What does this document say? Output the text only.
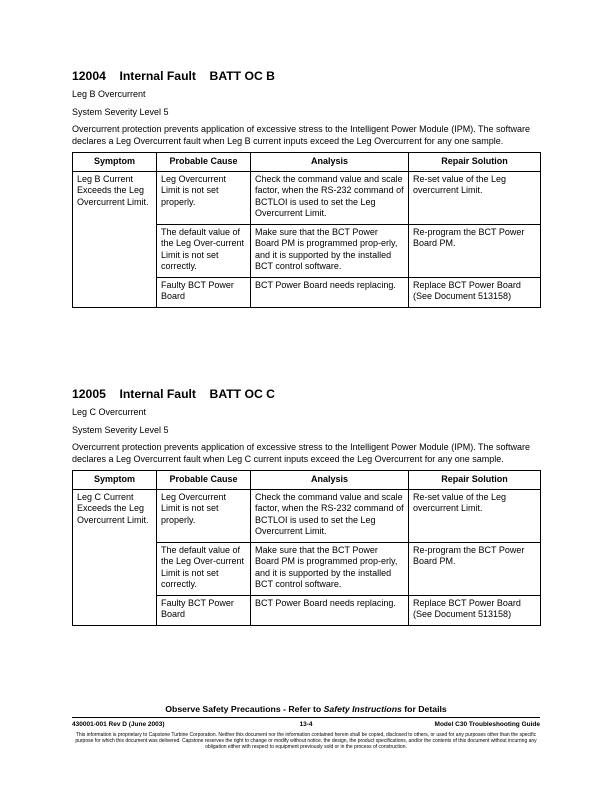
12004 Internal Fault BATT OC B

Leg B Overcurrent

System Severity Level 5

Overcurrent protection prevents application of excessive stress to the Intelligent Power Module (IPM). The software declares a Leg Overcurrent fault when Leg B current inputs exceed the Leg Overcurrent for any one sample.

Symptom	Probable Cause	Analysis	Repair Solution
Leg B Current Exceeds the Leg Overcurrent Limit.	Leg Overcurrent Limit is not set properly.	Check the command value and scale factor, when the RS-232 command of BCTLOI is used to set the Leg Overcurrent Limit.	Re-set value of the Leg overcurrent Limit.
	The default value of the Leg Over-current Limit is not set correctly.	Make sure that the BCT Power Board PM is programmed prop-erly, and it is supported by the installed BCT control software.	Re-program the BCT Power Board PM.
	Faulty BCT Power Board	BCT Power Board needs replacing.	Replace BCT Power Board (See Document 513158)
12005 Internal Fault BATT OC C

Leg C Overcurrent

System Severity Level 5

Overcurrent protection prevents application of excessive stress to the Intelligent Power Module (IPM). The software declares a Leg Overcurrent fault when Leg C current inputs exceed the Leg Overcurrent for any one sample.

Symptom	Probable Cause	Analysis	Repair Solution
Leg C Current Exceeds the Leg Overcurrent Limit.	Leg Overcurrent Limit is not set properly.	Check the command value and scale factor, when the RS-232 command of BCTLOI is used to set the Leg Overcurrent Limit.	Re-set value of the Leg overcurrent Limit.
	The default value of the Leg Over-current Limit is not set correctly.	Make sure that the BCT Power Board PM is programmed prop-erly, and it is supported by the installed BCT control software.	Re-program the BCT Power Board PM.
	Faulty BCT Power Board	BCT Power Board needs replacing.	Replace BCT Power Board (See Document 513158)
Observe Safety Precautions - Refer to Safety Instructions for Details
430001-001 Rev D (June 2003)	13-4	Model C30 Troubleshooting Guide
This information is proprietary to Capstone Turbine Corporation. Neither this document nor the information contained herein shall be copied, disclosed to others, or used for any purposes other than the specific purpose for which this document was delivered. Capstone reserves the right to change or modify without notice, the design, the product specifications, and/or the contents of this document without incurring any obligation either with respect to equipment previously sold or in the process of construction.
